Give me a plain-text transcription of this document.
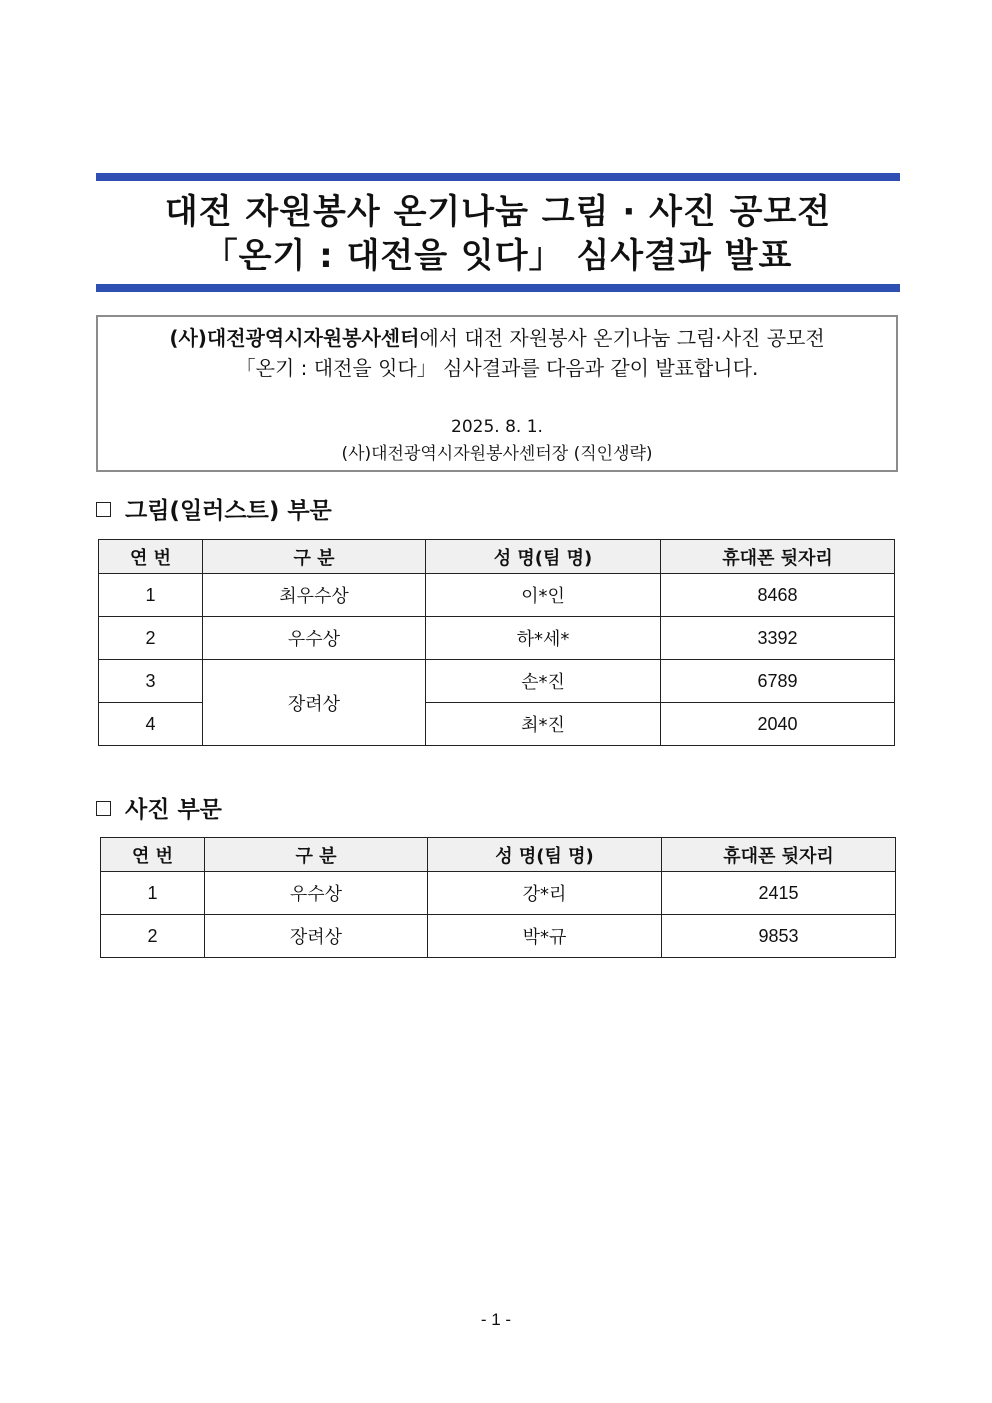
대전 자원봉사 온기나눔 그림 · 사진 공모전
「온기 : 대전을 잇다」 심사결과 발표
(사)대전광역시자원봉사센터에서 대전 자원봉사 온기나눔 그림·사진 공모전
「온기 : 대전을 잇다」 심사결과를 다음과 같이 발표합니다.
2025. 8. 1.
(사)대전광역시자원봉사센터장 (직인생략)
그림(일러스트) 부문
연 번	구 분	성 명(팀 명)	휴대폰 뒷자리
1	최우수상	이*인	8468
2	우수상	하*세*	3392
3	장려상	손*진	6789
4		최*진	2040
사진 부문
연 번	구 분	성 명(팀 명)	휴대폰 뒷자리
1	우수상	강*리	2415
2	장려상	박*규	9853
- 1 -
